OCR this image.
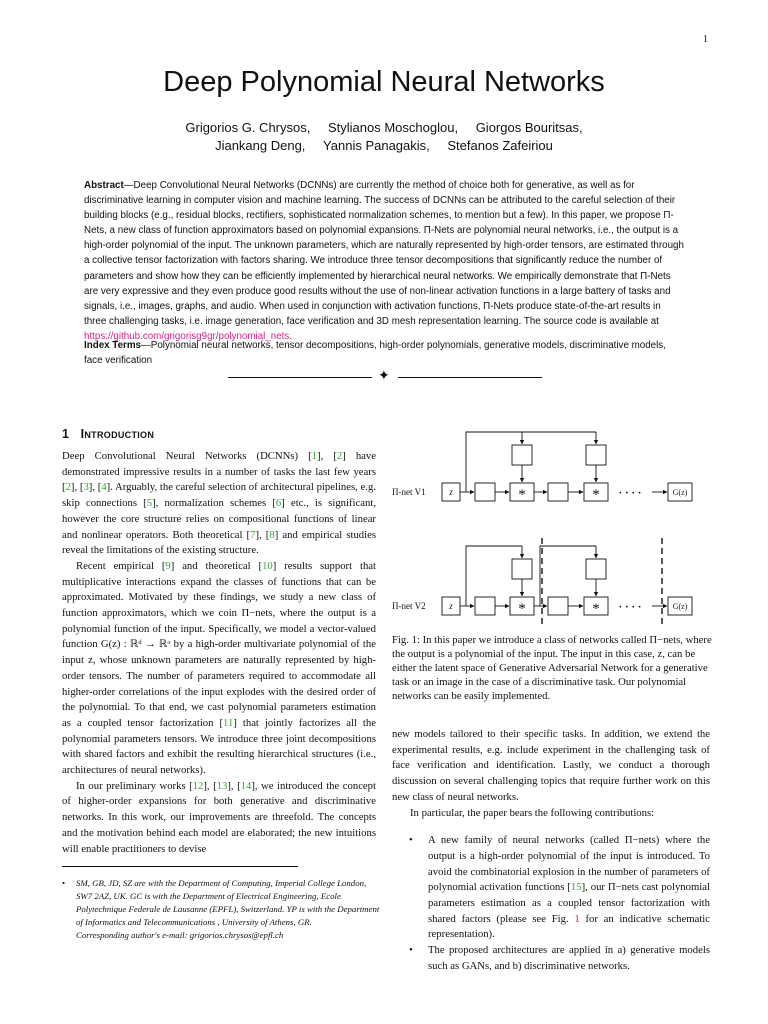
1
Deep Polynomial Neural Networks
Grigorios G. Chrysos, Stylianos Moschoglou, Giorgos Bouritsas,
Jiankang Deng, Yannis Panagakis, Stefanos Zafeiriou
Abstract—Deep Convolutional Neural Networks (DCNNs) are currently the method of choice both for generative, as well as for discriminative learning in computer vision and machine learning. The success of DCNNs can be attributed to the careful selection of their building blocks (e.g., residual blocks, rectifiers, sophisticated normalization schemes, to mention but a few). In this paper, we propose Π-Nets, a new class of function approximators based on polynomial expansions. Π-Nets are polynomial neural networks, i.e., the output is a high-order polynomial of the input. The unknown parameters, which are naturally represented by high-order tensors, are estimated through a collective tensor factorization with factors sharing. We introduce three tensor decompositions that significantly reduce the number of parameters and show how they can be efficiently implemented by hierarchical neural networks. We empirically demonstrate that Π-Nets are very expressive and they even produce good results without the use of non-linear activation functions in a large battery of tasks and signals, i.e., images, graphs, and audio. When used in conjunction with activation functions, Π-Nets produce state-of-the-art results in three challenging tasks, i.e. image generation, face verification and 3D mesh representation learning. The source code is available at https://github.com/grigorisg9gr/polynomial_nets.
Index Terms—Polynomial neural networks, tensor decompositions, high-order polynomials, generative models, discriminative models, face verification
✦
1 Introduction

Deep Convolutional Neural Networks (DCNNs) [1], [2] have demonstrated impressive results in a number of tasks the last few years [2], [3], [4]. Arguably, the careful selection of architectural pipelines, e.g. skip connections [5], normalization schemes [6] etc., is significant, however the core structure relies on compositional functions of linear and nonlinear operators. Both theoretical [7], [8] and empirical studies reveal the limitations of the existing structure.

Recent empirical [9] and theoretical [10] results support that multiplicative interactions expand the classes of functions that can be approximated. Motivated by these findings, we study a new class of function approximators, which we coin Π−nets, where the output is a polynomial function of the input. Specifically, we model a vector-valued function G(z) : ℝᵈ → ℝᵒ by a high-order multivariate polynomial of the input z, whose unknown parameters are naturally represented by high-order tensors. The number of parameters required to accommodate all higher-order correlations of the input explodes with the desired order of the polynomial. To that end, we cast polynomial parameters estimation as a coupled tensor factorization [11] that jointly factorizes all the polynomial parameters tensors. We introduce three joint decompositions with shared factors and exhibit the resulting hierarchical structures (i.e., architectures of neural networks).

In our preliminary works [12], [13], [14], we introduced the concept of higher-order expansions for both generative and discriminative networks. In this work, our improvements are threefold. The concepts and the motivation behind each model are elaborated; the new intuitions will enable practitioners to devise

• SM, GB, JD, SZ are with the Department of Computing, Imperial College London, SW7 2AZ, UK. GC is with the Department of Electrical Engineering, Ecole Polytechnique Federale de Lausanne (EPFL), Switzerland. YP is with the Department of Informatics and Telecommunications , University of Athens, GR.
Corresponding author's e-mail: grigorios.chrysos@epfl.ch
Π-net V1
Π-net V2
z
z
G(z)
G(z)
*	*
*	*
· · · ·
· · · ·
Fig. 1: In this paper we introduce a class of networks called Π−nets, where the output is a polynomial of the input. The input in this case, z, can be either the latent space of Generative Adversarial Network for a generative task or an image in the case of a discriminative task. Our polynomial networks can be easily implemented.

new models tailored to their specific tasks. In addition, we extend the experimental results, e.g. include experiment in the challenging task of face verification and identification. Lastly, we conduct a thorough discussion on several challenging topics that require further work on this new class of neural networks.

In particular, the paper bears the following contributions:

• A new family of neural networks (called Π−nets) where the output is a high-order polynomial of the input is introduced. To avoid the combinatorial explosion in the number of parameters of polynomial activation functions [15], our Π−nets cast polynomial parameters estimation as a coupled tensor factorization with shared factors (please see Fig. 1 for an indicative schematic representation).
• The proposed architectures are applied in a) generative models such as GANs, and b) discriminative networks.
